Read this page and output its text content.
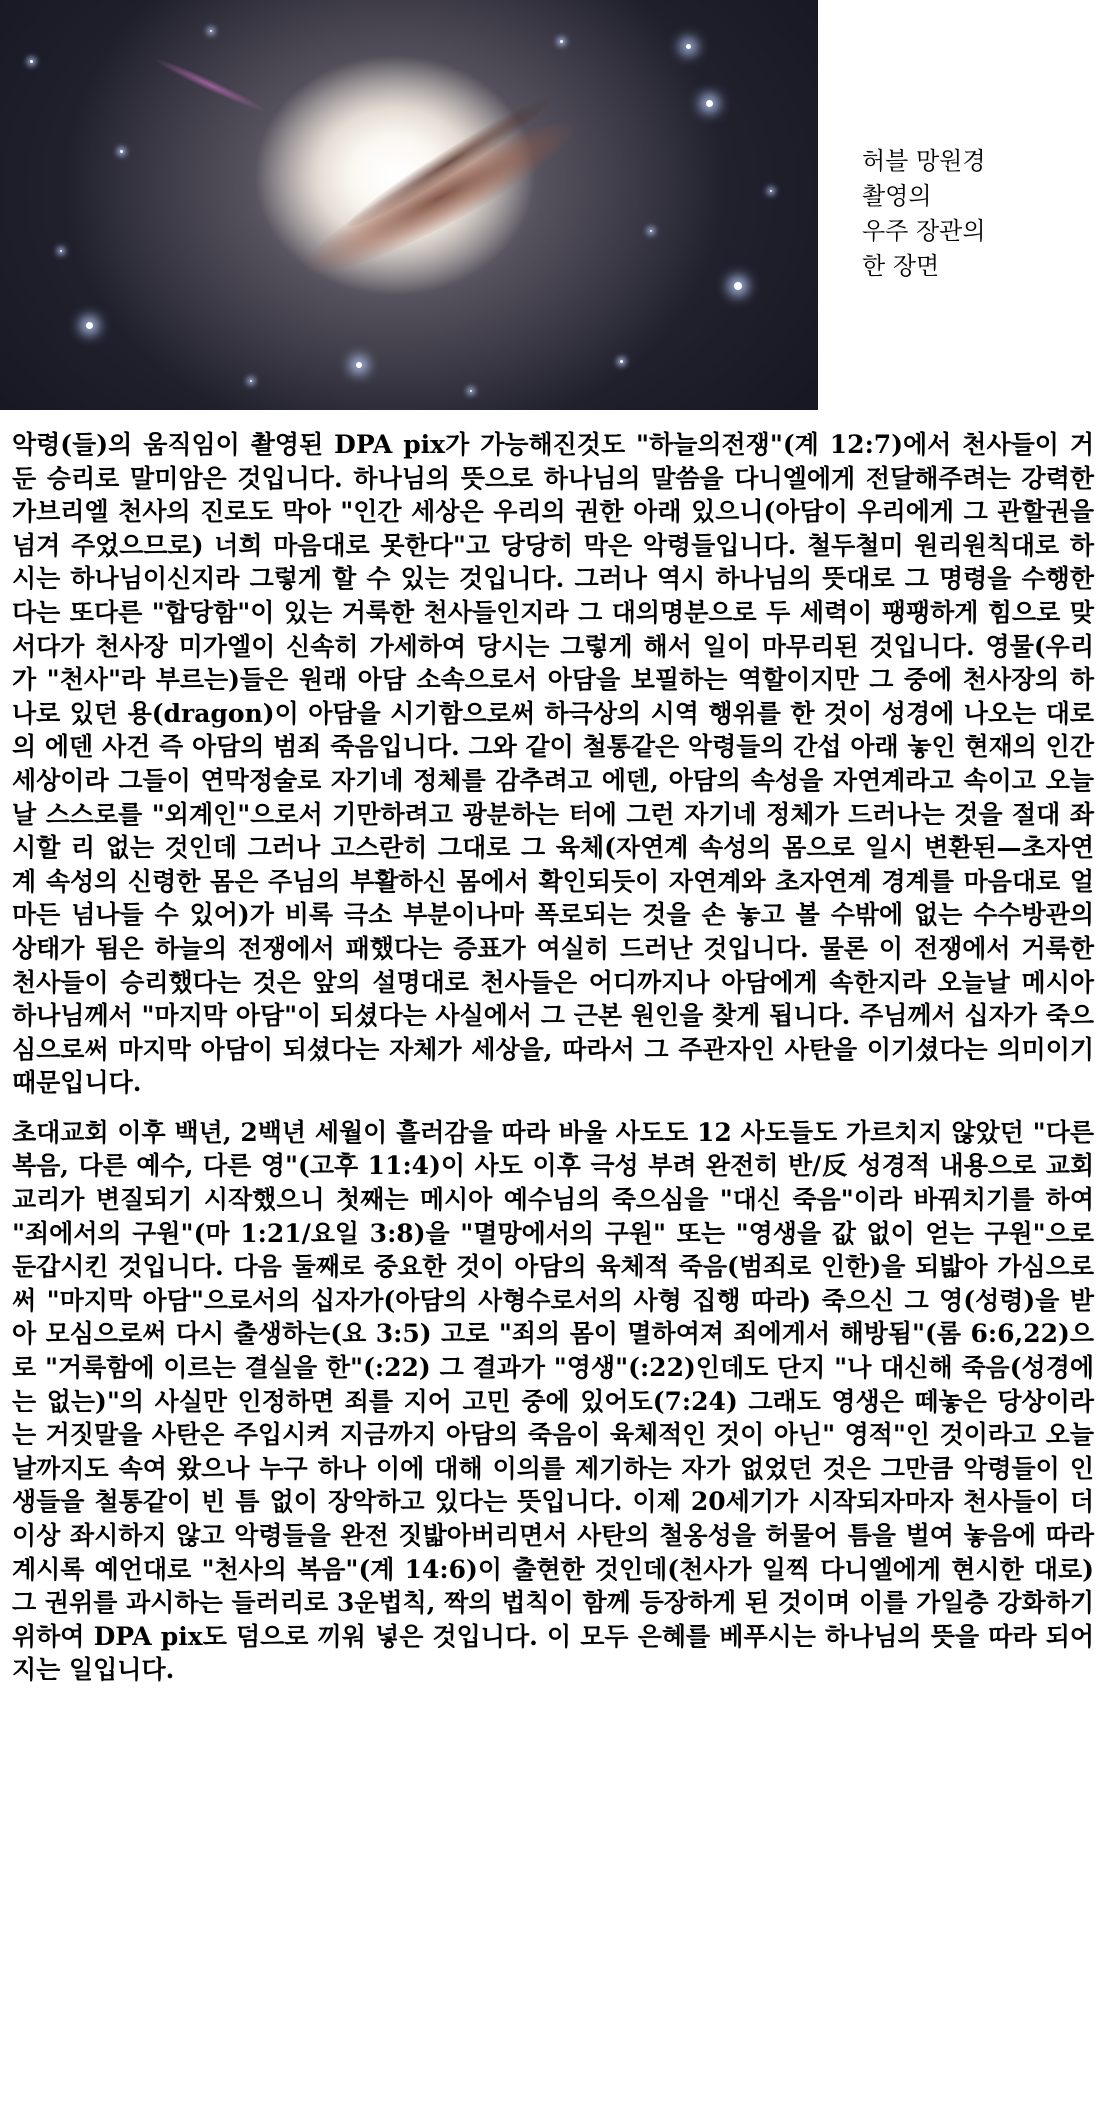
허블 망원경
촬영의
우주 장관의
한 장면

악령(들)의 움직임이 촬영된 DPA pix가 가능해진것도 "하늘의전쟁"(계 12:7)에서 천사들이 거둔 승리로 말미암은 것입니다. 하나님의 뜻으로 하나님의 말씀을 다니엘에게 전달해주려는 강력한 가브리엘 천사의 진로도 막아 "인간 세상은 우리의 권한 아래 있으니(아담이 우리에게 그 관할권을 넘겨 주었으므로) 너희 마음대로 못한다"고 당당히 막은 악령들입니다. 철두철미 원리원칙대로 하시는 하나님이신지라 그렇게 할 수 있는 것입니다. 그러나 역시 하나님의 뜻대로 그 명령을 수행한다는 또다른 "합당함"이 있는 거룩한 천사들인지라 그 대의명분으로 두 세력이 팽팽하게 힘으로 맞서다가 천사장 미가엘이 신속히 가세하여 당시는 그렇게 해서 일이 마무리된 것입니다. 영물(우리가 "천사"라 부르는)들은 원래 아담 소속으로서 아담을 보필하는 역할이지만 그 중에 천사장의 하나로 있던 용(dragon)이 아담을 시기함으로써 하극상의 시역 행위를 한 것이 성경에 나오는 대로의 에덴 사건 즉 아담의 범죄 죽음입니다. 그와 같이 철통같은 악령들의 간섭 아래 놓인 현재의 인간 세상이라 그들이 연막정술로 자기네 정체를 감추려고 에덴, 아담의 속성을 자연계라고 속이고 오늘날 스스로를 "외계인"으로서 기만하려고 광분하는 터에 그런 자기네 정체가 드러나는 것을 절대 좌시할 리 없는 것인데 그러나 고스란히 그대로 그 육체(자연계 속성의 몸으로 일시 변환된—초자연계 속성의 신령한 몸은 주님의 부활하신 몸에서 확인되듯이 자연계와 초자연계 경계를 마음대로 얼마든 넘나들 수 있어)가 비록 극소 부분이나마 폭로되는 것을 손 놓고 볼 수밖에 없는 수수방관의 상태가 됨은 하늘의 전쟁에서 패했다는 증표가 여실히 드러난 것입니다. 물론 이 전쟁에서 거룩한 천사들이 승리했다는 것은 앞의 설명대로 천사들은 어디까지나 아담에게 속한지라 오늘날 메시아 하나님께서 "마지막 아담"이 되셨다는 사실에서 그 근본 원인을 찾게 됩니다. 주님께서 십자가 죽으심으로써 마지막 아담이 되셨다는 자체가 세상을, 따라서 그 주관자인 사탄을 이기셨다는 의미이기 때문입니다.

초대교회 이후 백년, 2백년 세월이 흘러감을 따라 바울 사도도 12 사도들도 가르치지 않았던 "다른 복음, 다른 예수, 다른 영"(고후 11:4)이 사도 이후 극성 부려 완전히 반/反 성경적 내용으로 교회 교리가 변질되기 시작했으니 첫째는 메시아 예수님의 죽으심을 "대신 죽음"이라 바꿔치기를 하여 "죄에서의 구원"(마 1:21/요일 3:8)을 "멸망에서의 구원" 또는 "영생을 값 없이 얻는 구원"으로 둔갑시킨 것입니다. 다음 둘째로 중요한 것이 아담의 육체적 죽음(범죄로 인한)을 되밟아 가심으로써 "마지막 아담"으로서의 십자가(아담의 사형수로서의 사형 집행 따라) 죽으신 그 영(성령)을 받아 모심으로써 다시 출생하는(요 3:5) 고로 "죄의 몸이 멸하여져 죄에게서 해방됨"(롬 6:6,22)으로 "거룩함에 이르는 결실을 한"(:22) 그 결과가 "영생"(:22)인데도 단지 "나 대신해 죽음(성경에는 없는)"의 사실만 인정하면 죄를 지어 고민 중에 있어도(7:24) 그래도 영생은 떼놓은 당상이라는 거짓말을 사탄은 주입시켜 지금까지 아담의 죽음이 육체적인 것이 아닌" 영적"인 것이라고 오늘날까지도 속여 왔으나 누구 하나 이에 대해 이의를 제기하는 자가 없었던 것은 그만큼 악령들이 인생들을 철통같이 빈 틈 없이 장악하고 있다는 뜻입니다. 이제 20세기가 시작되자마자 천사들이 더 이상 좌시하지 않고 악령들을 완전 짓밟아버리면서 사탄의 철옹성을 허물어 틈을 벌여 놓음에 따라 계시록 예언대로 "천사의 복음"(계 14:6)이 출현한 것인데(천사가 일찍 다니엘에게 현시한 대로) 그 권위를 과시하는 들러리로 3운법칙, 짝의 법칙이 함께 등장하게 된 것이며 이를 가일층 강화하기 위하여 DPA pix도 덤으로 끼워 넣은 것입니다. 이 모두 은혜를 베푸시는 하나님의 뜻을 따라 되어지는 일입니다.
